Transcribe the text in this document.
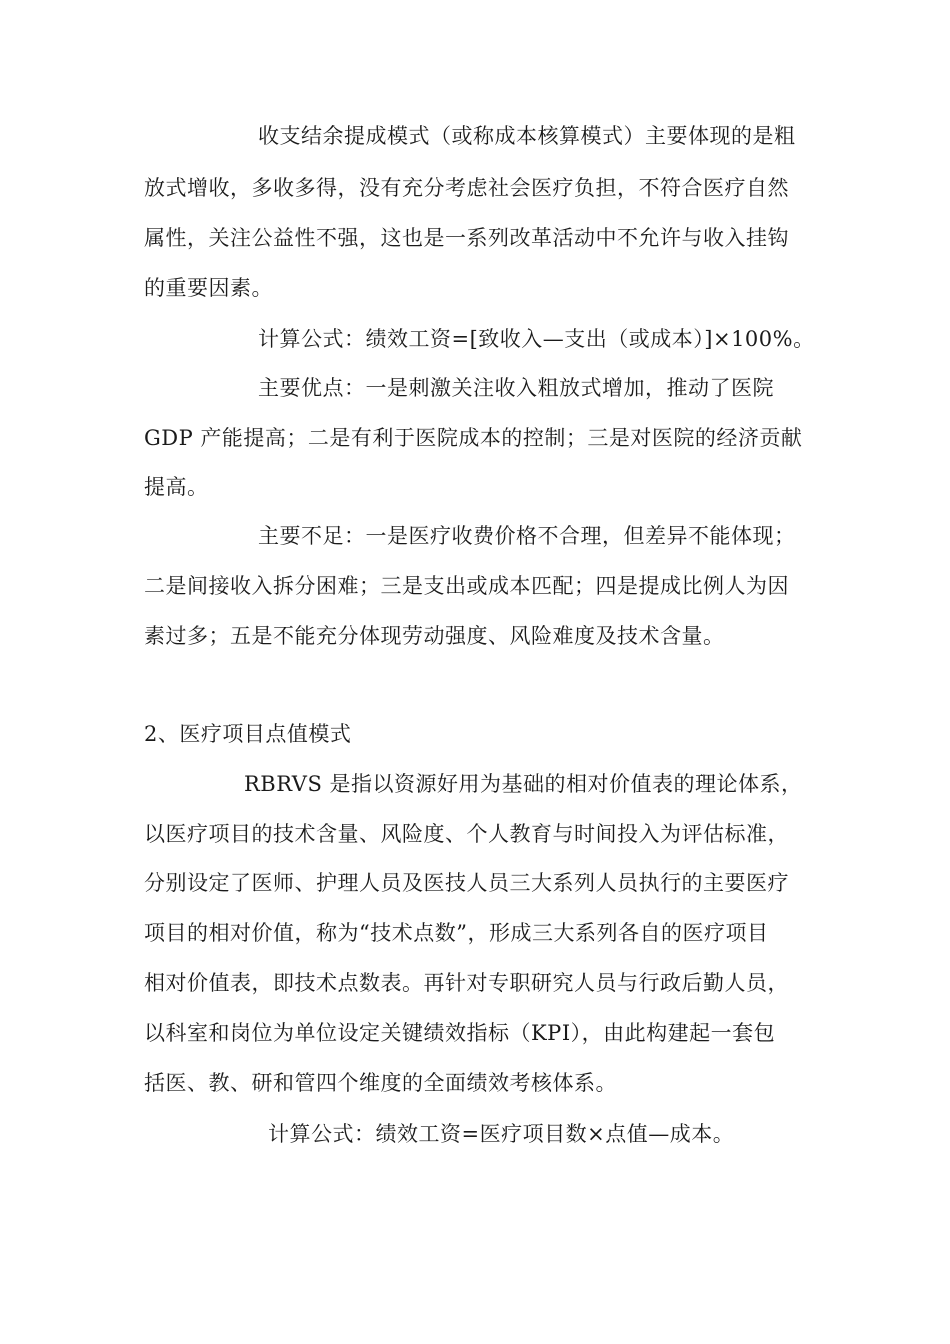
收支结余提成模式（或称成本核算模式）主要体现的是粗

放式增收，多收多得，没有充分考虑社会医疗负担，不符合医疗自然

属性，关注公益性不强，这也是一系列改革活动中不允许与收入挂钩

的重要因素。

计算公式：绩效工资=[致收入—支出（或成本）]×100%。

主要优点：一是刺激关注收入粗放式增加，推动了医院

GDP 产能提高；二是有利于医院成本的控制；三是对医院的经济贡献

提高。

主要不足：一是医疗收费价格不合理，但差异不能体现；

二是间接收入拆分困难；三是支出或成本匹配；四是提成比例人为因

素过多；五是不能充分体现劳动强度、风险难度及技术含量。

2、医疗项目点值模式

RBRVS 是指以资源好用为基础的相对价值表的理论体系，

以医疗项目的技术含量、风险度、个人教育与时间投入为评估标准，

分别设定了医师、护理人员及医技人员三大系列人员执行的主要医疗

项目的相对价值，称为“技术点数”，形成三大系列各自的医疗项目

相对价值表，即技术点数表。再针对专职研究人员与行政后勤人员，

以科室和岗位为单位设定关键绩效指标（KPI），由此构建起一套包

括医、教、研和管四个维度的全面绩效考核体系。

计算公式：绩效工资=医疗项目数×点值—成本。
